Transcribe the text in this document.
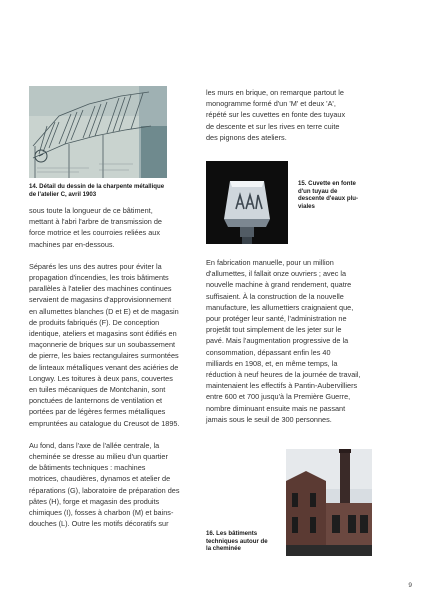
14. Détail du dessin de la charpente métallique
de l'atelier C, avril 1903

sous toute la longueur de ce bâtiment,
mettant à l'abri l'arbre de transmission de
force motrice et les courroies reliées aux
machines par en-dessous.

Séparés les uns des autres pour éviter la
propagation d'incendies, les trois bâtiments
parallèles à l'atelier des machines continues
servaient de magasins d'approvisionnement
en allumettes blanches (D et E) et de magasin
de produits fabriqués (F). De conception
identique, ateliers et magasins sont édifiés en
maçonnerie de briques sur un soubassement
de pierre, les baies rectangulaires surmontées
de linteaux métalliques venant des aciéries de
Longwy. Les toitures à deux pans, couvertes
en tuiles mécaniques de Montchanin, sont
ponctuées de lanternons de ventilation et
portées par de légères fermes métalliques
empruntées au catalogue du Creusot de 1895.

Au fond, dans l'axe de l'allée centrale, la
cheminée se dresse au milieu d'un quartier
de bâtiments techniques : machines
motrices, chaudières, dynamos et atelier de
réparations (G), laboratoire de préparation des
pâtes (H), forge et magasin des produits
chimiques (I), fosses à charbon (M) et bains-
douches (L). Outre les motifs décoratifs sur

les murs en brique, on remarque partout le
monogramme formé d'un 'M' et deux 'A',
répété sur les cuvettes en fonte des tuyaux
de descente et sur les rives en terre cuite
des pignons des ateliers.

15. Cuvette en fonte
d'un tuyau de
descente d'eaux plu-
viales

En fabrication manuelle, pour un million
d'allumettes, il fallait onze ouvriers ; avec la
nouvelle machine à grand rendement, quatre
suffisaient. À la construction de la nouvelle
manufacture, les allumettiers craignaient que,
pour protéger leur santé, l'administration ne
projetât tout simplement de les jeter sur le
pavé. Mais l'augmentation progressive de la
consommation, dépassant enfin les 40
milliards en 1908, et, en même temps, la
réduction à neuf heures de la journée de travail,
maintenaient les effectifs à Pantin-Aubervilliers
entre 600 et 700 jusqu'à la Première Guerre,
nombre diminuant ensuite mais ne passant
jamais sous le seuil de 300 personnes.

16. Les bâtiments
techniques autour de
la cheminée
9
